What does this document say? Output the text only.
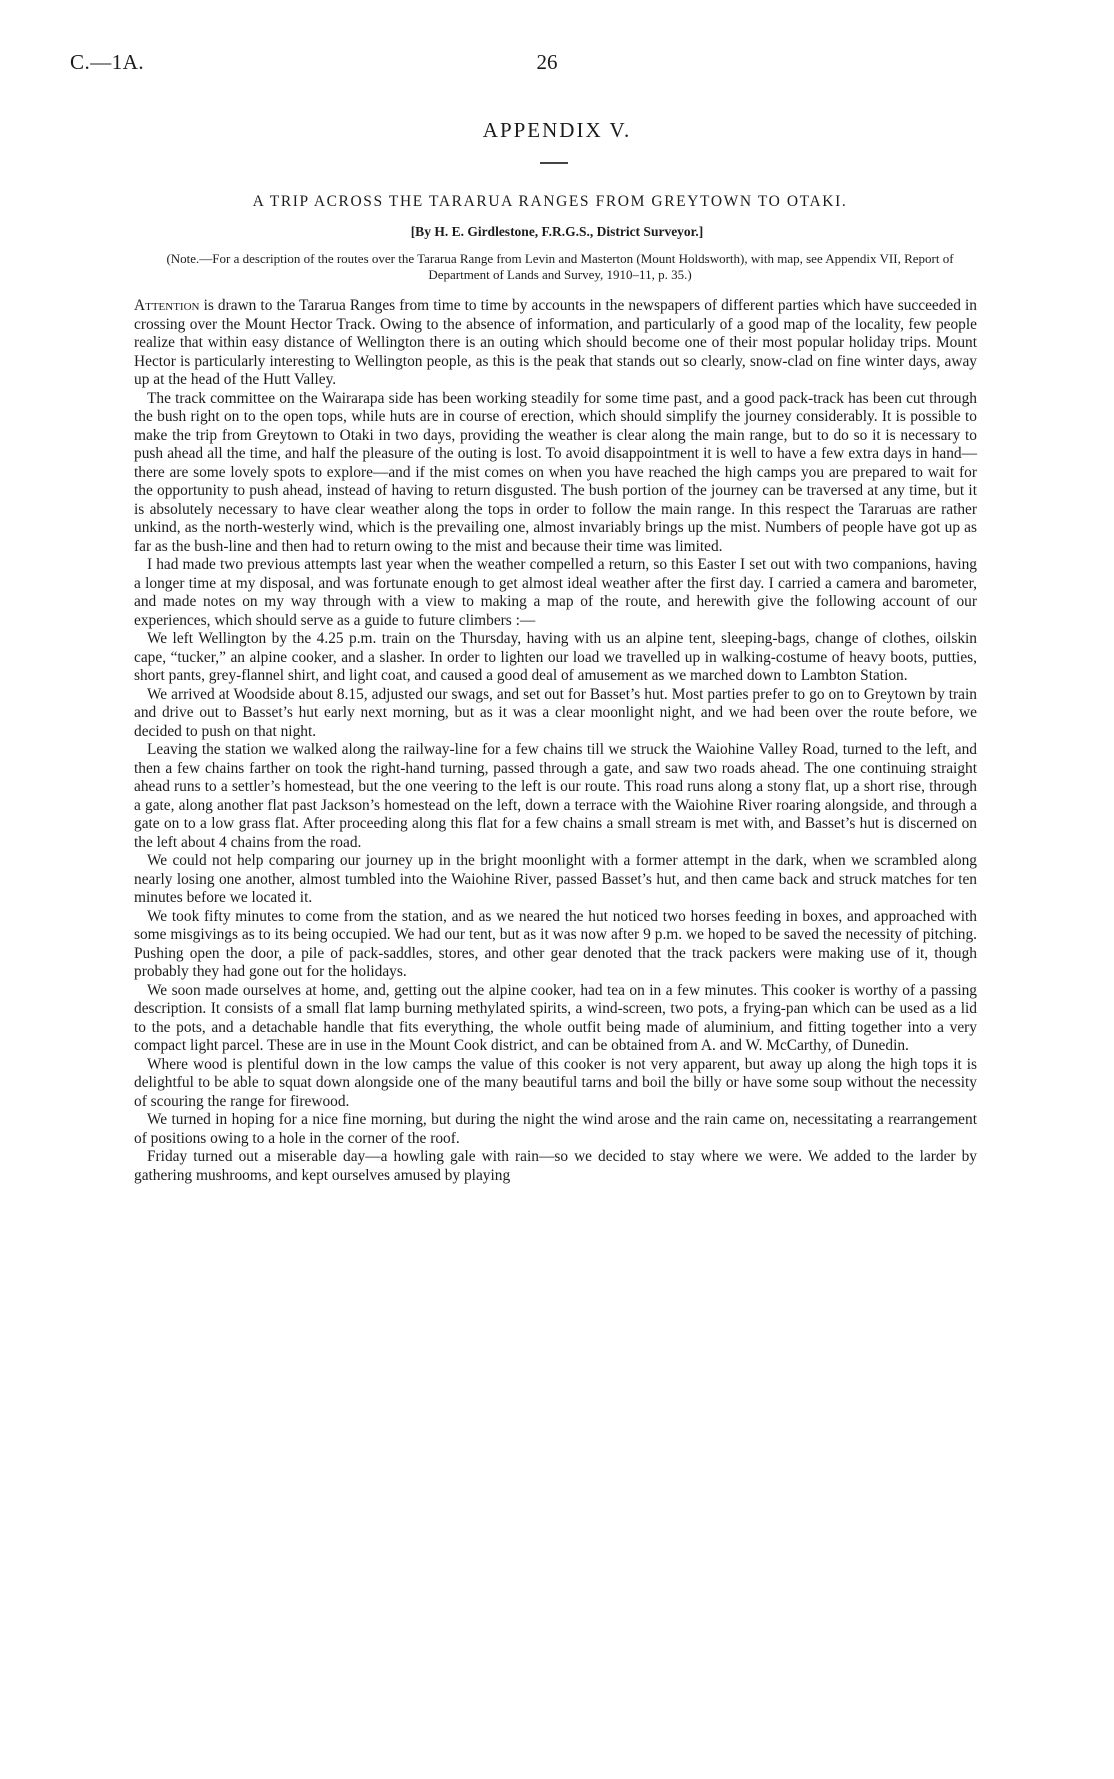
C.—1A.	26
APPENDIX V.
A TRIP ACROSS THE TARARUA RANGES FROM GREYTOWN TO OTAKI.
[By H. E. Girdlestone, F.R.G.S., District Surveyor.]
(Note.—For a description of the routes over the Tararua Range from Levin and Masterton (Mount Holdsworth), with map, see Appendix VII, Report of Department of Lands and Survey, 1910–11, p. 35.)

Attention is drawn to the Tararua Ranges from time to time by accounts in the newspapers of different parties which have succeeded in crossing over the Mount Hector Track. Owing to the absence of information, and particularly of a good map of the locality, few people realize that within easy distance of Wellington there is an outing which should become one of their most popular holiday trips. Mount Hector is particularly interesting to Wellington people, as this is the peak that stands out so clearly, snow-clad on fine winter days, away up at the head of the Hutt Valley.

The track committee on the Wairarapa side has been working steadily for some time past, and a good pack-track has been cut through the bush right on to the open tops, while huts are in course of erection, which should simplify the journey considerably. It is possible to make the trip from Greytown to Otaki in two days, providing the weather is clear along the main range, but to do so it is necessary to push ahead all the time, and half the pleasure of the outing is lost. To avoid disappointment it is well to have a few extra days in hand—there are some lovely spots to explore—and if the mist comes on when you have reached the high camps you are prepared to wait for the opportunity to push ahead, instead of having to return disgusted. The bush portion of the journey can be traversed at any time, but it is absolutely necessary to have clear weather along the tops in order to follow the main range. In this respect the Tararuas are rather unkind, as the north-westerly wind, which is the prevailing one, almost invariably brings up the mist. Numbers of people have got up as far as the bush-line and then had to return owing to the mist and because their time was limited.

I had made two previous attempts last year when the weather compelled a return, so this Easter I set out with two companions, having a longer time at my disposal, and was fortunate enough to get almost ideal weather after the first day. I carried a camera and barometer, and made notes on my way through with a view to making a map of the route, and herewith give the following account of our experiences, which should serve as a guide to future climbers :—

We left Wellington by the 4.25 p.m. train on the Thursday, having with us an alpine tent, sleeping-bags, change of clothes, oilskin cape, “tucker,” an alpine cooker, and a slasher. In order to lighten our load we travelled up in walking-costume of heavy boots, putties, short pants, grey-flannel shirt, and light coat, and caused a good deal of amusement as we marched down to Lambton Station.

We arrived at Woodside about 8.15, adjusted our swags, and set out for Basset’s hut. Most parties prefer to go on to Greytown by train and drive out to Basset’s hut early next morning, but as it was a clear moonlight night, and we had been over the route before, we decided to push on that night.

Leaving the station we walked along the railway-line for a few chains till we struck the Waiohine Valley Road, turned to the left, and then a few chains farther on took the right-hand turning, passed through a gate, and saw two roads ahead. The one continuing straight ahead runs to a settler’s homestead, but the one veering to the left is our route. This road runs along a stony flat, up a short rise, through a gate, along another flat past Jackson’s homestead on the left, down a terrace with the Waiohine River roaring alongside, and through a gate on to a low grass flat. After proceeding along this flat for a few chains a small stream is met with, and Basset’s hut is discerned on the left about 4 chains from the road.

We could not help comparing our journey up in the bright moonlight with a former attempt in the dark, when we scrambled along nearly losing one another, almost tumbled into the Waiohine River, passed Basset’s hut, and then came back and struck matches for ten minutes before we located it.

We took fifty minutes to come from the station, and as we neared the hut noticed two horses feeding in boxes, and approached with some misgivings as to its being occupied. We had our tent, but as it was now after 9 p.m. we hoped to be saved the necessity of pitching. Pushing open the door, a pile of pack-saddles, stores, and other gear denoted that the track packers were making use of it, though probably they had gone out for the holidays.

We soon made ourselves at home, and, getting out the alpine cooker, had tea on in a few minutes. This cooker is worthy of a passing description. It consists of a small flat lamp burning methylated spirits, a wind-screen, two pots, a frying-pan which can be used as a lid to the pots, and a detachable handle that fits everything, the whole outfit being made of aluminium, and fitting together into a very compact light parcel. These are in use in the Mount Cook district, and can be obtained from A. and W. McCarthy, of Dunedin.

Where wood is plentiful down in the low camps the value of this cooker is not very apparent, but away up along the high tops it is delightful to be able to squat down alongside one of the many beautiful tarns and boil the billy or have some soup without the necessity of scouring the range for firewood.

We turned in hoping for a nice fine morning, but during the night the wind arose and the rain came on, necessitating a rearrangement of positions owing to a hole in the corner of the roof.

Friday turned out a miserable day—a howling gale with rain—so we decided to stay where we were. We added to the larder by gathering mushrooms, and kept ourselves amused by playing
